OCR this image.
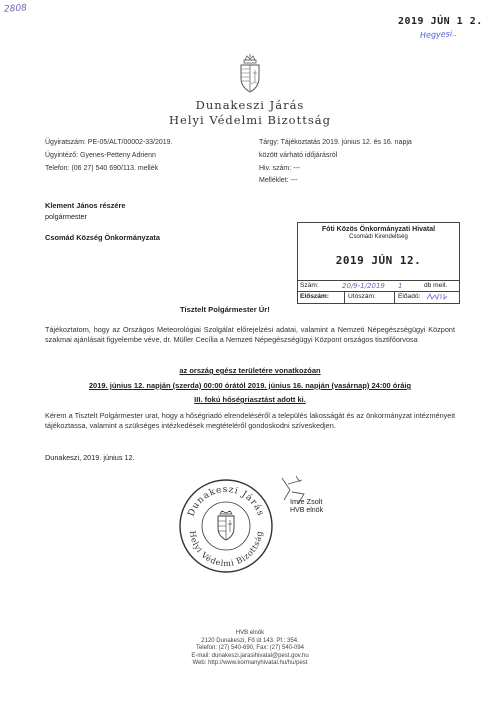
2808
2019 JÚN 1 2.
Hegyesi..
Dunakeszi Járás
Helyi Védelmi Bizottság
Ügyiratszám: PE-05/ALT/00002-33/2019.
Ügyintéző: Gyenes-Petteny Adrienn
Telefon: (06 27) 540 690/113. mellék
Tárgy: Tájékoztatás 2019. június 12. és 16. napja
között várható időjárásról
Hiv. szám: ---
Melléklet: ---
Klement János részére
polgármester
Csomád Község Önkormányzata
Fóti Közös Önkormányzati Hivatal
Csomádi Kirendeltség
2019 JÚN 12.
Szám:	20/9-1/2019 1	db mell.
Előszám:	Utószám:	Előadó:
Tisztelt Polgármester Úr!
Tájékoztatom, hogy az Országos Meteorológiai Szolgálat előrejelzési adatai, valamint a Nemzeti Népegészségügyi Központ szakmai ajánlásait figyelembe véve, dr. Müller Cecília a Nemzeti Népegészségügyi Központ országos tisztifőorvosa
az ország egész területére vonatkozóan
2019. június 12. napján (szerda) 00:00 órától 2019. június 16. napján (vasárnap) 24:00 óráig
III. fokú hőségriasztást adott ki.
Kérem a Tisztelt Polgármester urat, hogy a hőségriadó elrendeléséről a település lakosságát és az önkormányzat intézményeit tájékoztassa, valamint a szükséges intézkedések megtételéről gondoskodni szíveskedjen.
Dunakeszi, 2019. június 12.
Dunakeszi Járás
Helyi Védelmi Bizottság
Imre Zsolt
HVB elnök
HVB elnök
2120 Dunakeszi, Fő út 143. Pf.: 354.
Telefon: (27) 540-690, Fax: (27) 540-094
E-mail: dunakeszi.jarasihivatal@pest.gov.hu
Web: http://www.kormanyhivatal.hu/hu/pest
